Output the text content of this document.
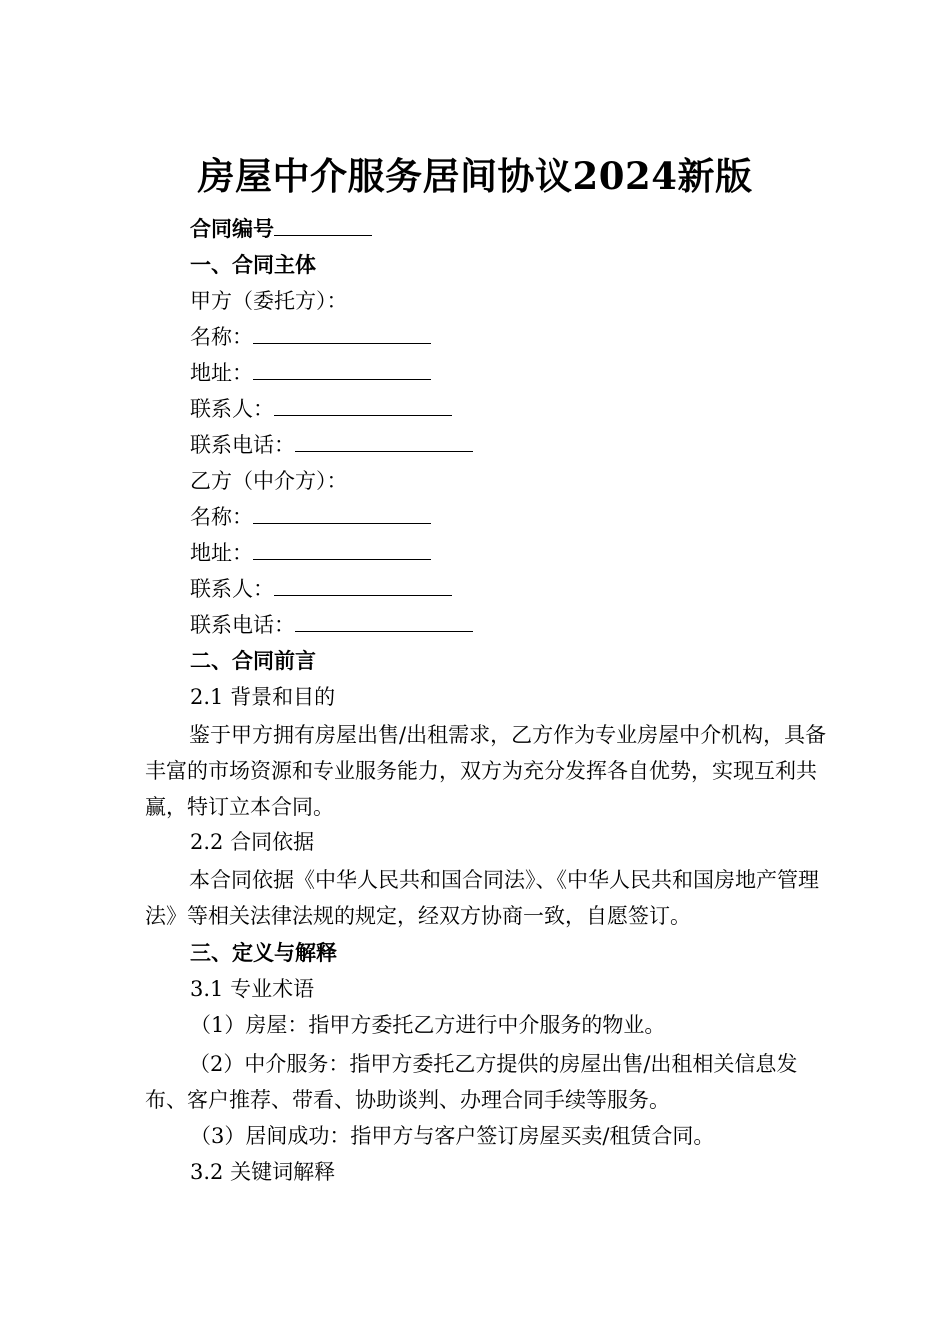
房屋中介服务居间协议2024新版
合同编号
一、合同主体
甲方（委托方）：
名称：
地址：
联系人：
联系电话：
乙方（中介方）：
名称：
地址：
联系人：
联系电话：
二、合同前言
2.1 背景和目的

鉴于甲方拥有房屋出售/出租需求，乙方作为专业房屋中介机构，具备丰富的市场资源和专业服务能力，双方为充分发挥各自优势，实现互利共赢，特订立本合同。

2.2 合同依据

本合同依据《中华人民共和国合同法》、《中华人民共和国房地产管理法》等相关法律法规的规定，经双方协商一致，自愿签订。

三、定义与解释
3.1 专业术语
（1）房屋：指甲方委托乙方进行中介服务的物业。

（2）中介服务：指甲方委托乙方提供的房屋出售/出租相关信息发布、客户推荐、带看、协助谈判、办理合同手续等服务。

（3）居间成功：指甲方与客户签订房屋买卖/租赁合同。
3.2 关键词解释
